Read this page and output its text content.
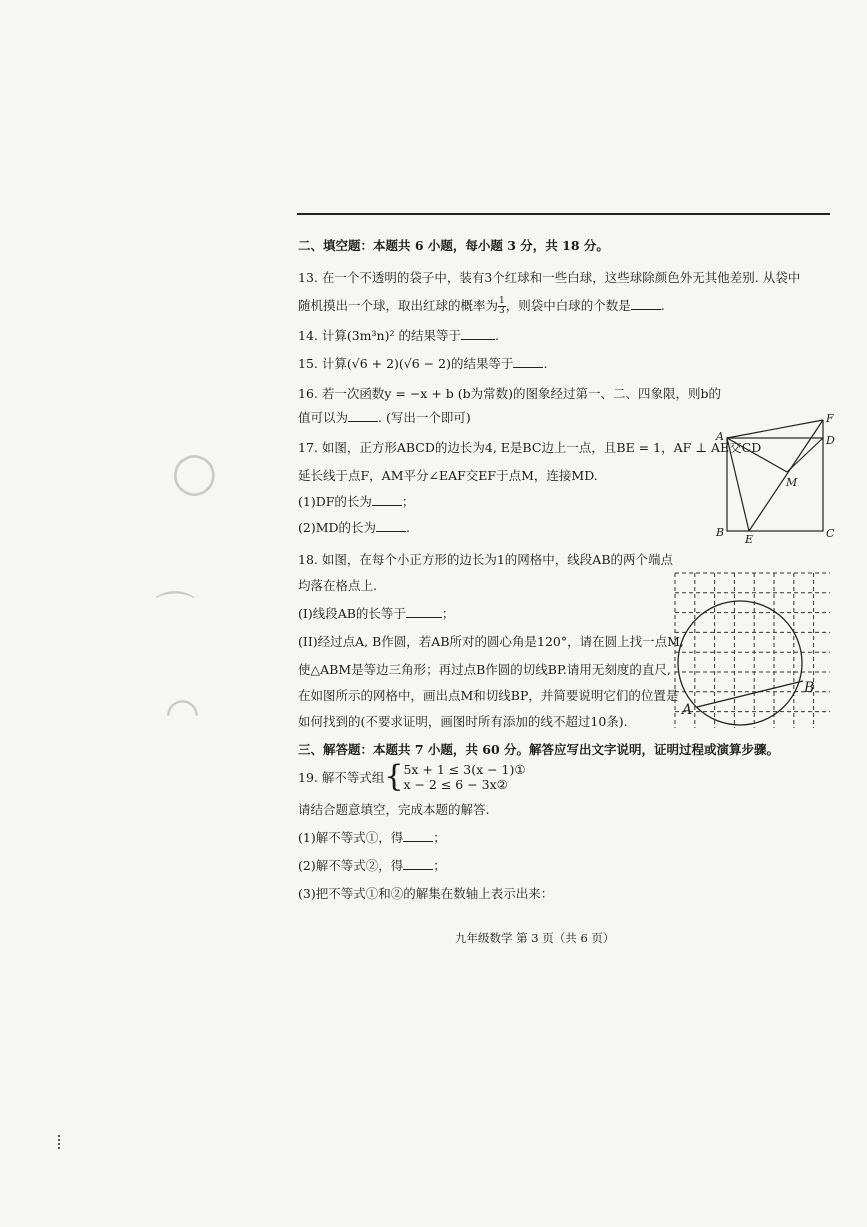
◯
⌒
◠
二、填空题：本题共 6 小题，每小题 3 分，共 18 分。
13. 在一个不透明的袋子中，装有3个红球和一些白球，这些球除颜色外无其他差别. 从袋中
随机摸出一个球，取出红球的概率为 $\frac{1}{3}$ ，则袋中白球的个数是 .
14. 计算(3m³n)² 的结果等于	.
15. 计算(√6 + 2)(√6 − 2)的结果等于 .
16. 若一次函数y = −x + b (b为常数)的图象经过第一、二、四象限，则b的
值可以为 . (写出一个即可)
17. 如图，正方形ABCD的边长为4, E是BC边上一点，且BE = 1，AF ⊥ AE交CD
延长线于点F，AM平分∠EAF交EF于点M，连接MD.
(1)DF的长为 ；
(2)MD的长为 .
18. 如图，在每个小正方形的边长为1的网格中，线段AB的两个端点
均落在格点上.
(I)线段AB的长等于	；
(II)经过点A, B作圆，若AB所对的圆心角是120°，请在圆上找一点M,
使△ABM是等边三角形；再过点B作圆的切线BP.请用无刻度的直尺,
在如图所示的网格中，画出点M和切线BP，并简要说明它们的位置是
如何找到的(不要求证明，画图时所有添加的线不超过10条).
三、解答题：本题共 7 小题，共 60 分。解答应写出文字说明，证明过程或演算步骤。
19. 解不等式组{ 5x + 1 ≤ 3(x − 1)①
x − 2 ≤ 6 − 3x②
请结合题意填空，完成本题的解答.
(1)解不等式①，得 ；
(2)解不等式②，得 ；
(3)把不等式①和②的解集在数轴上表示出来：
A
B	C
E
M
F
D
A
B
九年级数学 第 3 页（共 6 页）
